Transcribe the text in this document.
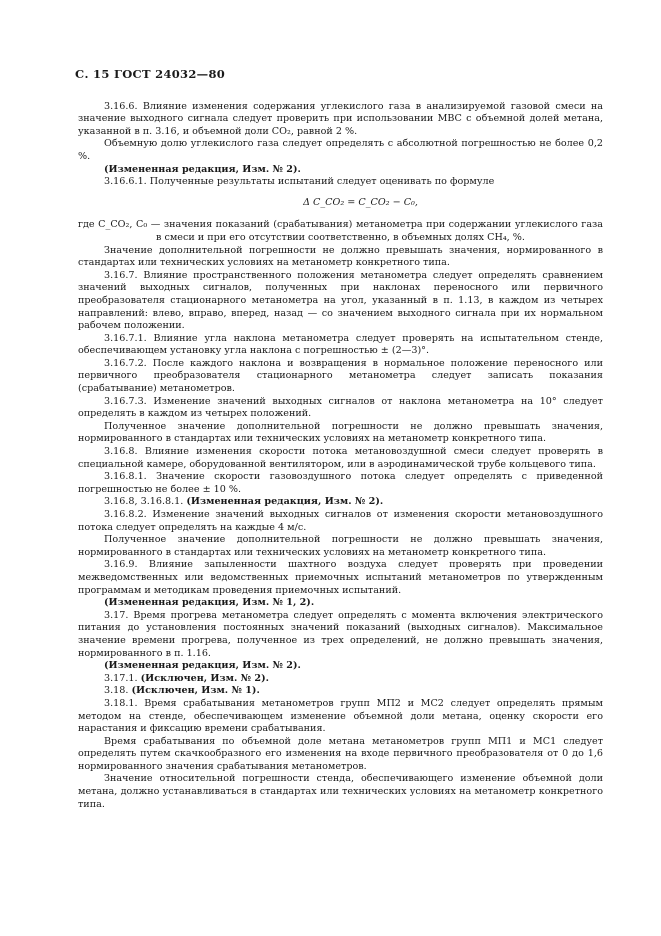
С. 15 ГОСТ 24032—80

3.16.6. Влияние изменения содержания углекислого газа в анализируемой газовой смеси на значение выходного сигнала следует проверить при использовании МВС с объемной долей метана, указанной в п. 3.16, и объемной доли CO₂, равной 2 %.

Объемную долю углекислого газа следует определять с абсолютной погрешностью не более 0,2 %.

(Измененная редакция, Изм. № 2).

3.16.6.1. Полученные результаты испытаний следует оценивать по формуле

Δ C_CO₂ = C_CO₂ − C₀,

где C_CO₂, C₀ — значения показаний (срабатывания) метанометра при содержании углекислого газа в смеси и при его отсутствии соответственно, в объемных долях CH₄, %.

Значение дополнительной погрешности не должно превышать значения, нормированного в стандартах или технических условиях на метанометр конкретного типа.

3.16.7. Влияние пространственного положения метанометра следует определять сравнением значений выходных сигналов, полученных при наклонах переносного или первичного преобразователя стационарного метанометра на угол, указанный в п. 1.13, в каждом из четырех направлений: влево, вправо, вперед, назад — со значением выходного сигнала при их нормальном рабочем положении.

3.16.7.1. Влияние угла наклона метанометра следует проверять на испытательном стенде, обеспечивающем установку угла наклона с погрешностью ± (2—3)°.

3.16.7.2. После каждого наклона и возвращения в нормальное положение переносного или первичного преобразователя стационарного метанометра следует записать показания (срабатывание) метанометров.

3.16.7.3. Изменение значений выходных сигналов от наклона метанометра на 10° следует определять в каждом из четырех положений.

Полученное значение дополнительной погрешности не должно превышать значения, нормированного в стандартах или технических условиях на метанометр конкретного типа.

3.16.8. Влияние изменения скорости потока метановоздушной смеси следует проверять в специальной камере, оборудованной вентилятором, или в аэродинамической трубе кольцевого типа.

3.16.8.1. Значение скорости газовоздушного потока следует определять с приведенной погрешностью не более ± 10 %.

3.16.8, 3.16.8.1. (Измененная редакция, Изм. № 2).

3.16.8.2. Изменение значений выходных сигналов от изменения скорости метановоздушного потока следует определять на каждые 4 м/с.

Полученное значение дополнительной погрешности не должно превышать значения, нормированного в стандартах или технических условиях на метанометр конкретного типа.

3.16.9. Влияние запыленности шахтного воздуха следует проверять при проведении межведомственных или ведомственных приемочных испытаний метанометров по утвержденным программам и методикам проведения приемочных испытаний.

(Измененная редакция, Изм. № 1, 2).

3.17. Время прогрева метанометра следует определять с момента включения электрического питания до установления постоянных значений показаний (выходных сигналов). Максимальное значение времени прогрева, полученное из трех определений, не должно превышать значения, нормированного в п. 1.16.

(Измененная редакция, Изм. № 2).

3.17.1. (Исключен, Изм. № 2).

3.18. (Исключен, Изм. № 1).

3.18.1. Время срабатывания метанометров групп МП2 и МС2 следует определять прямым методом на стенде, обеспечивающем изменение объемной доли метана, оценку скорости его нарастания и фиксацию времени срабатывания.

Время срабатывания по объемной доле метана метанометров групп МП1 и МС1 следует определять путем скачкообразного его изменения на входе первичного преобразователя от 0 до 1,6 нормированного значения срабатывания метанометров.

Значение относительной погрешности стенда, обеспечивающего изменение объемной доли метана, должно устанавливаться в стандартах или технических условиях на метанометр конкретного типа.
